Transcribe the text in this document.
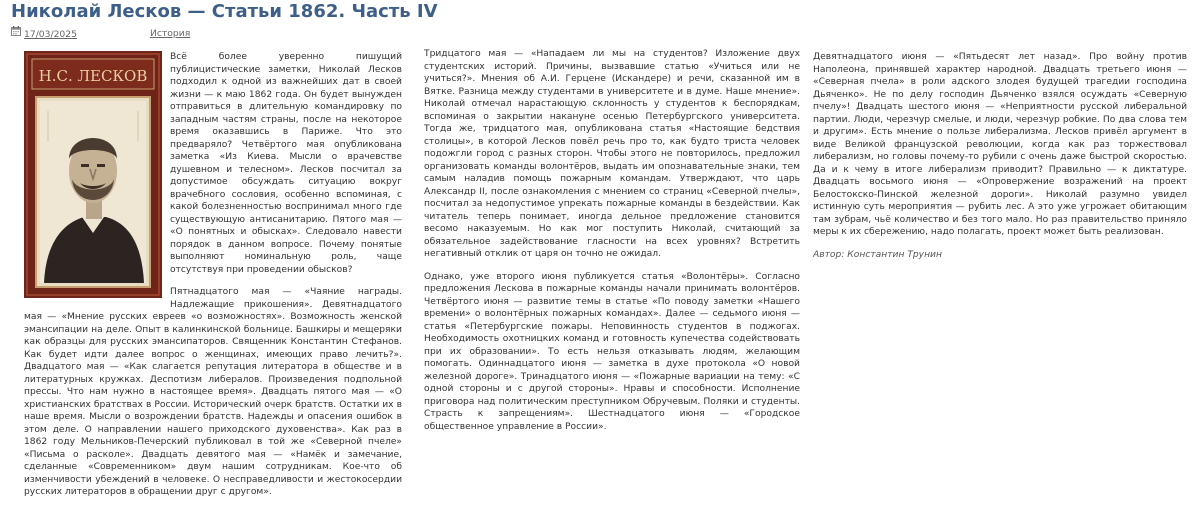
Николай Лесков — Статьи 1862. Часть IV
17/03/2025	История
Н.С. ЛЕСКОВ

Всё более уверенно пишущий публицистические заметки, Николай Лесков подходил к одной из важнейших дат в своей жизни — к маю 1862 года. Он будет вынужден отправиться в длительную командировку по западным частям страны, после на некоторое время оказавшись в Париже. Что это предваряло? Четвёртого мая опубликована заметка «Из Киева. Мысли о врачевстве душевном и телесном». Лесков посчитал за допустимое обсуждать ситуацию вокруг врачебного сословия, особенно вспоминая, с какой болезненностью воспринимал много где существующую антисанитарию. Пятого мая — «О понятных и обысках». Следовало навести порядок в данном вопросе. Почему понятые выполняют номинальную роль, чаще отсутствуя при проведении обысков?

Пятнадцатого мая — «Чаяние награды. Надлежащие прикошения». Девятнадцатого мая — «Мнение русских евреев «о возможностях». Возможность женской эмансипации на деле. Опыт в калинкинской больнице. Башкиры и мещеряки как образцы для русских эмансипаторов. Священник Константин Стефанов. Как будет идти далее вопрос о женщинах, имеющих право лечить?». Двадцатого мая — «Как слагается репутация литератора в обществе и в литературных кружках. Деспотизм либералов. Произведения подпольной прессы. Что нам нужно в настоящее время». Двадцать пятого мая — «О христианских братствах в России. Исторический очерк братств. Остатки их в наше время. Мысли о возрождении братств. Надежды и опасения ошибок в этом деле. О направлении нашего приходского духовенства». Как раз в 1862 году Мельников-Печерский публиковал в той же «Северной пчеле» «Письма о расколе». Двадцать девятого мая — «Намёк и замечание, сделанные «Современником» двум нашим сотрудникам. Кое-что об изменчивости убеждений в человеке. О несправедливости и жестокосердии русских литераторов в обращении друг с другом».

Тридцатого мая — «Нападаем ли мы на студентов? Изложение двух студентских историй. Причины, вызвавшие статью «Учиться или не учиться?». Мнения об А.И. Герцене (Искандере) и речи, сказанной им в Вятке. Разница между студентами в университете и в думе. Наше мнение». Николай отмечал нарастающую склонность у студентов к беспорядкам, вспоминая о закрытии накануне осенью Петербургского университета. Тогда же, тридцатого мая, опубликована статья «Настоящие бедствия столицы», в которой Лесков повёл речь про то, как будто триста человек подожгли город с разных сторон. Чтобы этого не повторилось, предложил организовать команды волонтёров, выдать им опознавательные знаки, тем самым наладив помощь пожарным командам. Утверждают, что царь Александр II, после ознакомления с мнением со страниц «Северной пчелы», посчитал за недопустимое упрекать пожарные команды в бездействии. Как читатель теперь понимает, иногда дельное предложение становится весомо наказуемым. Но как мог поступить Николай, считающий за обязательное задействование гласности на всех уровнях? Встретить негативный отклик от царя он точно не ожидал.

Однако, уже второго июня публикуется статья «Волонтёры». Согласно предложения Лескова в пожарные команды начали принимать волонтёров. Четвёртого июня — развитие темы в статье «По поводу заметки «Нашего времени» о волонтёрных пожарных командах». Далее — седьмого июня — статья «Петербургские пожары. Неповинность студентов в поджогах. Необходимость охотницких команд и готовность купечества содействовать при их образовании». То есть нельзя отказывать людям, желающим помогать. Одиннадцатого июня — заметка в духе протокола «О новой железной дороге». Тринадцатого июня — «Пожарные вариации на тему: «С одной стороны и с другой стороны». Нравы и способности. Исполнение приговора над политическим преступником Обручевым. Поляки и студенты. Страсть к запрещениям». Шестнадцатого июня — «Городское общественное управление в России».

Девятнадцатого июня — «Пятьдесят лет назад». Про войну против Наполеона, принявшей характер народной. Двадцать третьего июня — «Северная пчела» в роли адского злодея будущей трагедии господина Дьяченко». Не по делу господин Дьяченко взялся осуждать «Северную пчелу»! Двадцать шестого июня — «Неприятности русской либеральной партии. Люди, черезчур смелые, и люди, черезчур робкие. По два слова тем и другим». Есть мнение о пользе либерализма. Лесков привёл аргумент в виде Великой французской революции, когда как раз торжествовал либерализм, но головы почему-то рубили с очень даже быстрой скоростью. Да и к чему в итоге либерализм приводит? Правильно — к диктатуре. Двадцать восьмого июня — «Опровержение возражений на проект Белостокско-Пинской железной дороги». Николай разумно увидел истинную суть мероприятия — рубить лес. А это уже угрожает обитающим там зубрам, чьё количество и без того мало. Но раз правительство приняло меры к их сбережению, надо полагать, проект может быть реализован.

Автор: Константин Трунин
